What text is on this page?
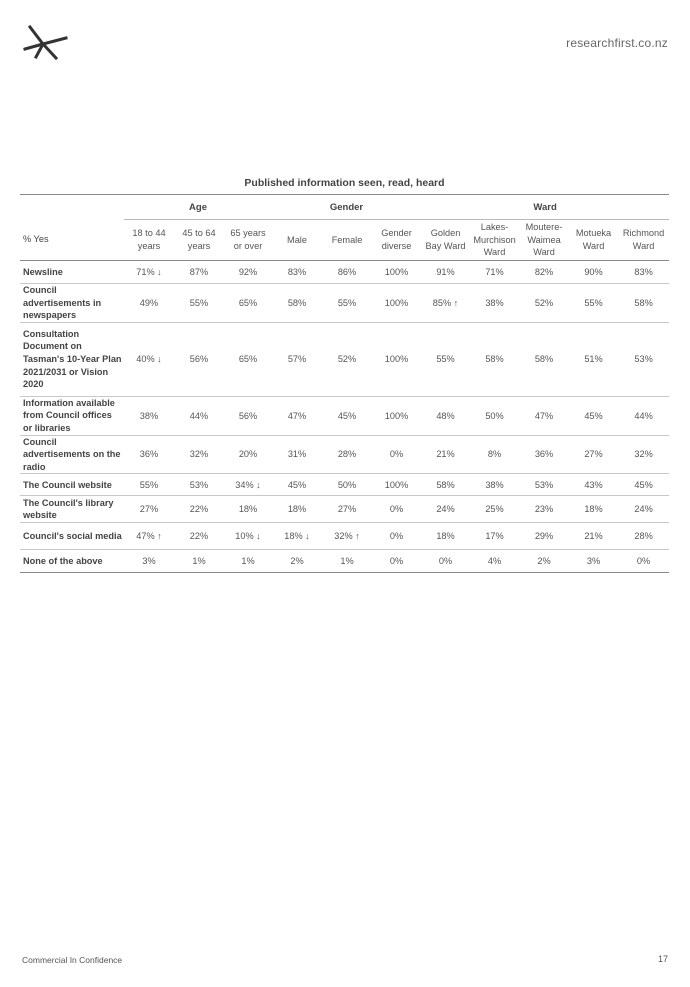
researchfirst.co.nz
Published information seen, read, heard
	Age			Gender			Ward				
% Yes	18 to 44 years	45 to 64 years	65 years or over	Male	Female	Gender diverse	Golden Bay Ward	Lakes-Murchison Ward	Moutere-Waimea Ward	Motueka Ward	Richmond Ward
Newsline	71% ↓	87%	92%	83%	86%	100%	91%	71%	82%	90%	83%
Council advertisements in newspapers	49%	55%	65%	58%	55%	100%	85% ↑	38%	52%	55%	58%
Consultation Document on Tasman's 10-Year Plan 2021/2031 or Vision 2020	40% ↓	56%	65%	57%	52%	100%	55%	58%	58%	51%	53%
Information available from Council offices or libraries	38%	44%	56%	47%	45%	100%	48%	50%	47%	45%	44%
Council advertisements on the radio	36%	32%	20%	31%	28%	0%	21%	8%	36%	27%	32%
The Council website	55%	53%	34% ↓	45%	50%	100%	58%	38%	53%	43%	45%
The Council's library website	27%	22%	18%	18%	27%	0%	24%	25%	23%	18%	24%
Council's social media	47% ↑	22%	10% ↓	18% ↓	32% ↑	0%	18%	17%	29%	21%	28%
None of the above	3%	1%	1%	2%	1%	0%	0%	4%	2%	3%	0%
Commercial In Confidence	17
